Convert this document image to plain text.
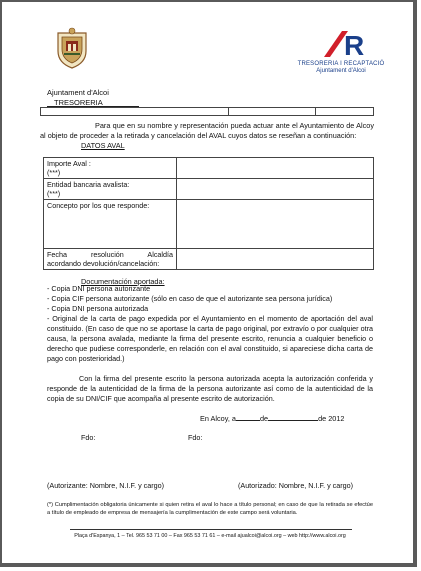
R
TRESORERIA I RECAPTACIÓ
Ajuntament d'Alcoi
Ajuntament d'Alcoi
TRESORERIA

Para que en su nombre y representación pueda actuar ante el Ayuntamiento de Alcoy al objeto de proceder a la retirada y cancelación del AVAL cuyos datos se reseñan a continuación:
DATOS AVAL
Importe Aval :
(***)	

Entidad bancaria avalista:
(***)	

Concepto por los que responde:	

Fecha resolución Alcaldía
acordando devolución/cancelación:	

Documentación aportada:
- Copia DNI persona autorizante
- Copia CIF persona autorizante (sólo en caso de que el autorizante sea persona jurídica)
- Copia DNI persona autorizada
- Original de la carta de pago expedida por el Ayuntamiento en el momento de aportación del aval constituido. (En caso de que no se aportase la carta de pago original, por extravío o por cualquier otra causa, la persona avalada, mediante la firma del presente escrito, renuncia a cualquier beneficio o derecho que pudiese corresponderle, en relación con el aval constituido, si apareciese dicha carta de pago con posterioridad.)
Con la firma del presente escrito la persona autorizada acepta la autorización conferida y responde de la autenticidad de la firma de la persona autorizante así como de la autenticidad de la copia de su DNI/CIF que acompaña al presente escrito de autorización.
En Alcoy, a	de	de 2012
Fdo:	Fdo:
(Autorizante: Nombre, N.I.F. y cargo)	(Autorizado: Nombre, N.I.F. y cargo)
(*) Cumplimentación obligatoria únicamente si quien retira el aval lo hace a título personal; en caso de que la retirada se efectúe a título de empleado de empresa de mensajería la cumplimentación de este campo será voluntaria.
Plaça d'Espanya, 1 – Tel. 965 53 71 00 – Fax 965 53 71 61 – e-mail ajualcoi@alcoi.org – web http://www.alcoi.org
